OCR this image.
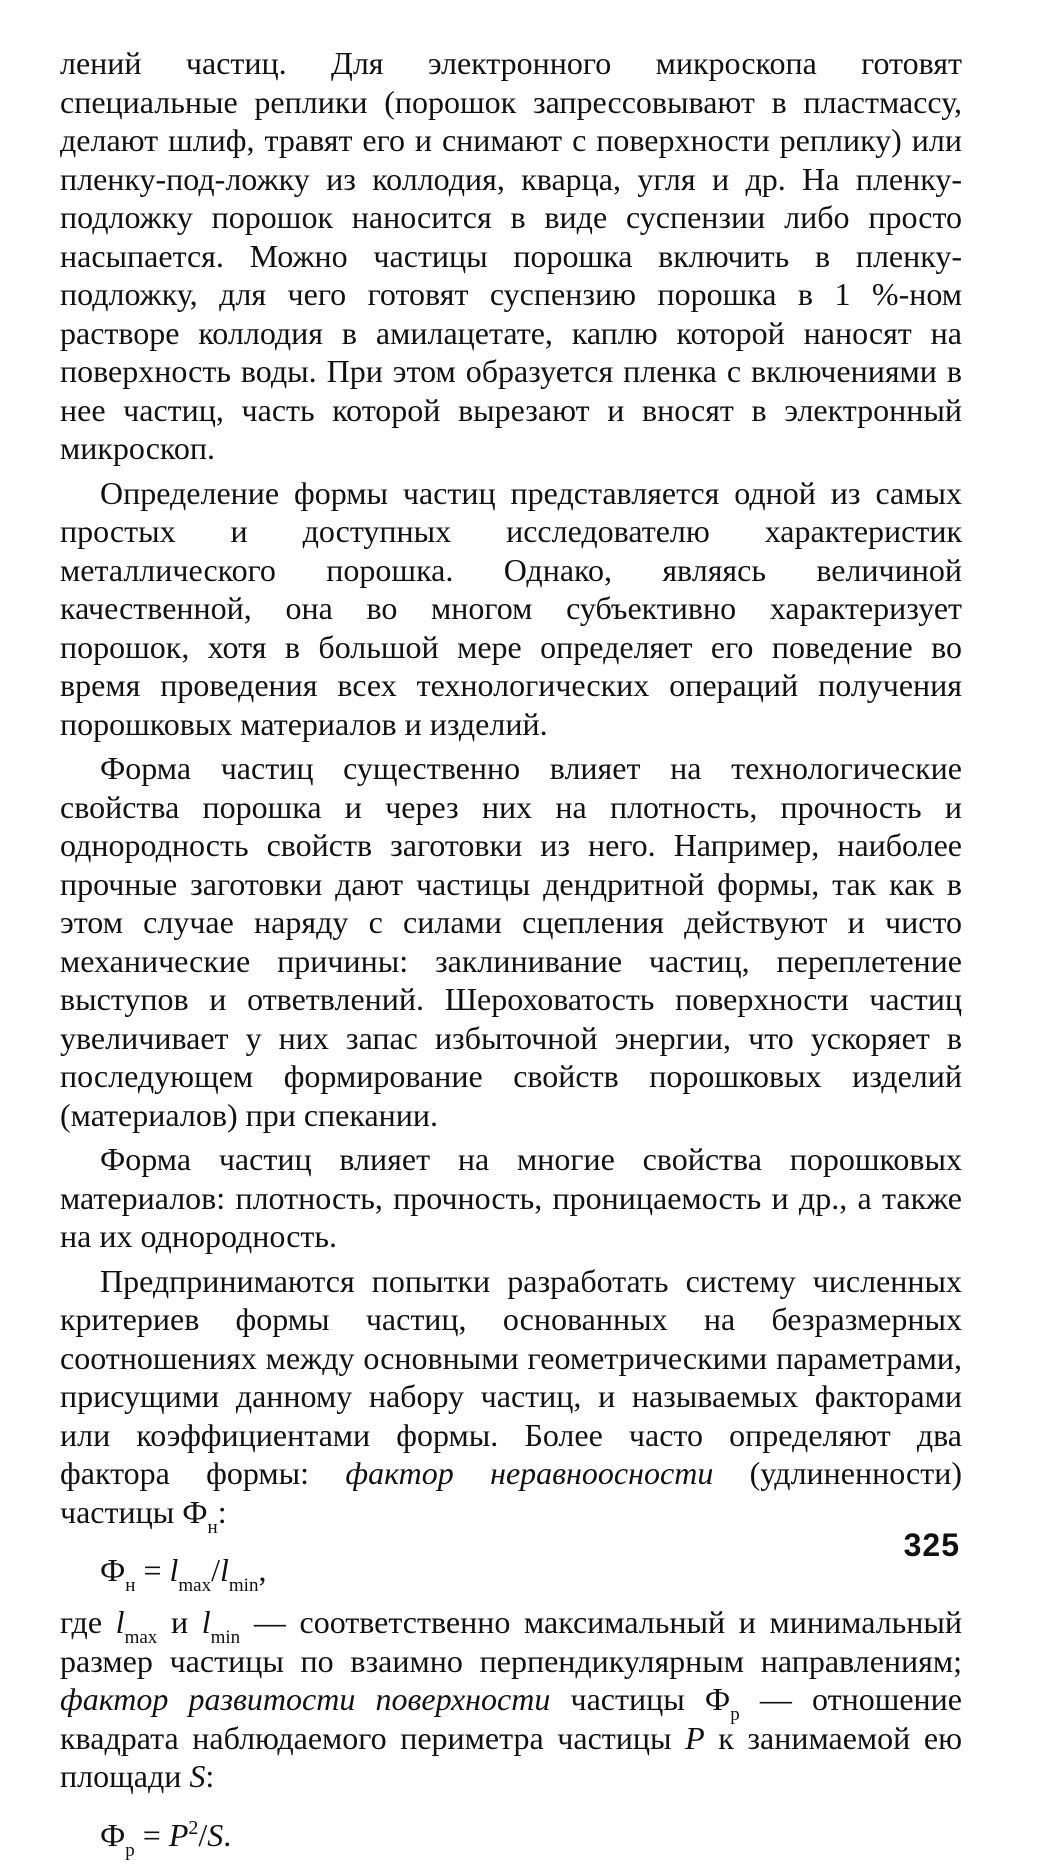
лений частиц. Для электронного микроскопа готовят специальные реплики (порошок запрессовывают в пластмассу, делают шлиф, травят его и снимают с поверхности реплику) или пленку-под-ложку из коллодия, кварца, угля и др. На пленку-подложку порошок наносится в виде суспензии либо просто насыпается. Можно частицы порошка включить в пленку-подложку, для чего готовят суспензию порошка в 1 %-ном растворе коллодия в амилацетате, каплю которой наносят на поверхность воды. При этом образуется пленка с включениями в нее частиц, часть которой вырезают и вносят в электронный микроскоп.

Определение формы частиц представляется одной из самых простых и доступных исследователю характеристик металлического порошка. Однако, являясь величиной качественной, она во многом субъективно характеризует порошок, хотя в большой мере определяет его поведение во время проведения всех технологических операций получения порошковых материалов и изделий.

Форма частиц существенно влияет на технологические свойства порошка и через них на плотность, прочность и однородность свойств заготовки из него. Например, наиболее прочные заготовки дают частицы дендритной формы, так как в этом случае наряду с силами сцепления действуют и чисто механические причины: заклинивание частиц, переплетение выступов и ответвлений. Шероховатость поверхности частиц увеличивает у них запас избыточной энергии, что ускоряет в последующем формирование свойств порошковых изделий (материалов) при спекании.

Форма частиц влияет на многие свойства порошковых материалов: плотность, прочность, проницаемость и др., а также на их однородность.

Предпринимаются попытки разработать систему численных критериев формы частиц, основанных на безразмерных соотношениях между основными геометрическими параметрами, присущими данному набору частиц, и называемых факторами или коэффициентами формы. Более часто определяют два фактора формы: фактор неравноосности (удлиненности) частицы $Ф_н$:

$Ф_н = l_{max}/l_{min}$,

где $l_{max}$ и $l_{min}$ — соответственно максимальный и минимальный размер частицы по взаимно перпендикулярным направлениям; фактор развитости поверхности частицы $Ф_р$ — отношение квадрата наблюдаемого периметра частицы P к занимаемой ею площади S:

$Ф_р = P^2/S$.
325
